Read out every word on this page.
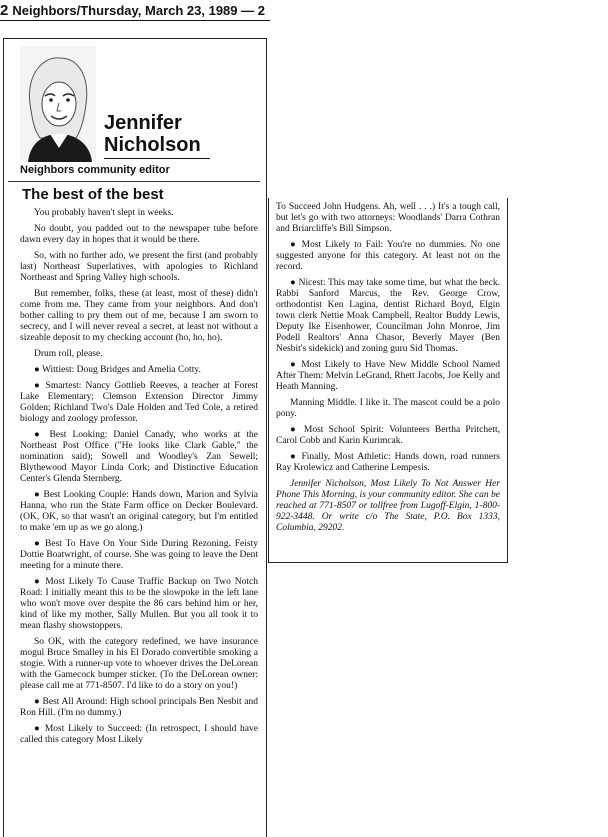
2 Neighbors/Thursday, March 23, 1989 — 2
Jennifer
Nicholson
Neighbors community editor
The best of the best

You probably haven't slept in weeks.

No doubt, you padded out to the newspaper tube before dawn every day in hopes that it would be there.

So, with no further ado, we present the first (and probably last) Northeast Superlatives, with apologies to Richland Northeast and Spring Valley high schools.

But remember, folks, these (at least, most of these) didn't come from me. They came from your neighbors. And don't bother calling to pry them out of me, because I am sworn to secrecy, and I will never reveal a secret, at least not without a sizeable deposit to my checking account (ho, ho, ho).

Drum roll, please.

● Wittiest: Doug Bridges and Amelia Cotty.

● Smartest: Nancy Gottlieb Reeves, a teacher at Forest Lake Elementary; Clemson Extension Director Jimmy Golden; Richland Two's Dale Holden and Ted Cole, a retired biology and zoology professor.

● Best Looking: Daniel Canady, who works at the Northeast Post Office ("He looks like Clark Gable," the nomination said); Sowell and Woodley's Zan Sewell; Blythewood Mayor Linda Cork; and Distinctive Education Center's Glenda Sternberg.

● Best Looking Couple: Hands down, Marion and Sylvia Hanna, who run the State Farm office on Decker Boulevard. (OK, OK, so that wasn't an original category, but I'm entitled to make 'em up as we go along.)

● Best To Have On Your Side During Rezoning. Feisty Dottie Boatwright, of course. She was going to leave the Dent meeting for a minute there.

● Most Likely To Cause Traffic Backup on Two Notch Road: I initially meant this to be the slowpoke in the left lane who won't move over despite the 86 cars behind him or her, kind of like my mother, Sally Mullen. But you all took it to mean flashy showstoppers.

So OK, with the category redefined, we have insurance mogul Bruce Smalley in his El Dorado convertible smoking a stogie. With a runner-up vote to whoever drives the DeLorean with the Gamecock bumper sticker. (To the DeLorean owner: please call me at 771-8507. I'd like to do a story on you!)

● Best All Around: High school principals Ben Nesbit and Ron Hill. (I'm no dummy.)

● Most Likely to Succeed: (In retrospect, I should have called this category Most Likely

To Succeed John Hudgens. Ah, well . . .) It's a tough call, but let's go with two attorneys: Woodlands' Darra Cothran and Briarcliffe's Bill Simpson.

● Most Likely to Fail: You're no dummies. No one suggested anyone for this category. At least not on the record.

● Nicest: This may take some time, but what the heck. Rabbi Sanford Marcus, the Rev. George Crow, orthodontist Ken Lagina, dentist Richard Boyd, Elgin town clerk Nettie Moak Campbell, Realtor Buddy Lewis, Deputy Ike Eisenhower, Councilman John Monroe, Jim Podell Realtors' Anna Chasor, Beverly Mayer (Ben Nesbit's sidekick) and zoning guru Sid Thomas.

● Most Likely to Have New Middle School Named After Them: Melvin LeGrand, Rhett Jacobs, Joe Kelly and Heath Manning.

Manning Middle. I like it. The mascot could be a polo pony.

● Most School Spirit: Volunteers Bertha Pritchett, Carol Cobb and Karin Kurimcak.

● Finally, Most Athletic: Hands down, road runners Ray Krolewicz and Catherine Lempesis.

Jennifer Nicholson, Most Likely To Not Answer Her Phone This Morning, is your community editor. She can be reached at 771-8507 or tollfree from Lugoff-Elgin, 1-800-922-3448. Or write c/o The State, P.O. Box 1333, Columbia, 29202.
